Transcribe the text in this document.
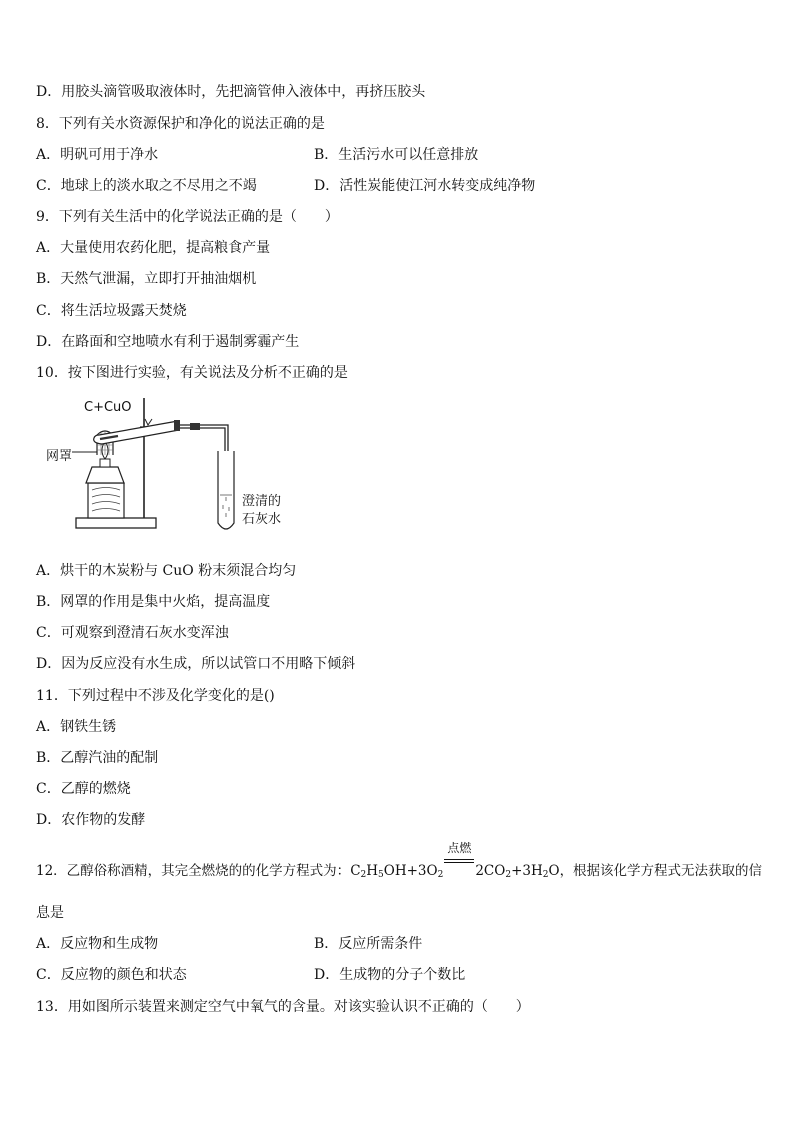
D．用胶头滴管吸取液体时，先把滴管伸入液体中，再挤压胶头
8．下列有关水资源保护和净化的说法正确的是
A．明矾可用于净水	B．生活污水可以任意排放
C．地球上的淡水取之不尽用之不竭	D．活性炭能使江河水转变成纯净物
9．下列有关生活中的化学说法正确的是（　　）
A．大量使用农药化肥，提高粮食产量
B．天然气泄漏，立即打开抽油烟机
C．将生活垃圾露天焚烧
D．在路面和空地喷水有利于遏制雾霾产生
10．按下图进行实验，有关说法及分析不正确的是
C+CuO
网罩
澄清的
石灰水
A．烘干的木炭粉与 CuO 粉末须混合均匀
B．网罩的作用是集中火焰，提高温度
C．可观察到澄清石灰水变浑浊
D．因为反应没有水生成，所以试管口不用略下倾斜
11．下列过程中不涉及化学变化的是()
A．钢铁生锈
B．乙醇汽油的配制
C．乙醇的燃烧
D．农作物的发酵
12．乙醇俗称酒精，其完全燃烧的的化学方程式为：$C_2H_5OH+3O_2$
点燃
$2CO_2+3H_2O$，根据该化学方程式无法获取的信
息是
A．反应物和生成物	B．反应所需条件
C．反应物的颜色和状态	D．生成物的分子个数比
13．用如图所示装置来测定空气中氧气的含量。对该实验认识不正确的（　　）
